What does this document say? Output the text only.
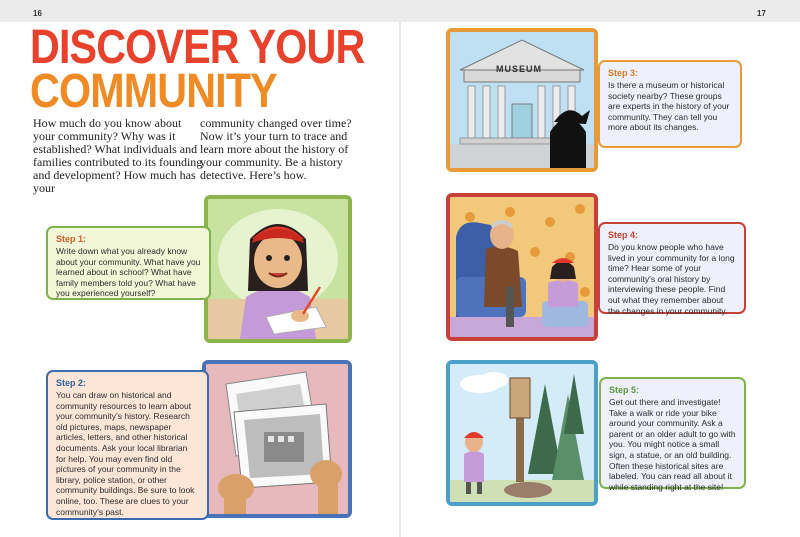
16	17
DISCOVER YOUR
COMMUNITY
How much do you know about your community? Why was it established? What individuals and families contributed to its founding and development? How much has your
community changed over time? Now it’s your turn to trace and learn more about the history of your community. Be a history detective. Here’s how.
Step 1:

Write down what you already know about your community. What have you learned about in school? What have family members told you? What have you experienced yourself?

Step 2:

You can draw on historical and community resources to learn about your community’s history. Research old pictures, maps, newspaper articles, letters, and other historical documents. Ask your local librarian for help. You may even find old pictures of your community in the library, police station, or other community buildings. Be sure to look online, too. These are clues to your community’s past.

MUSEUM	Step 3:

Is there a museum or historical society nearby? These groups are experts in the history of your community. They can tell you more about its changes.

Step 4:

Do you know people who have lived in your community for a long time? Hear some of your community’s oral history by interviewing these people. Find out what they remember about the changes in your community.

Step 5:

Get out there and investigate! Take a walk or ride your bike around your community. Ask a parent or an older adult to go with you. You might notice a small sign, a statue, or an old building. Often these historical sites are labeled. You can read all about it while standing right at the site!
